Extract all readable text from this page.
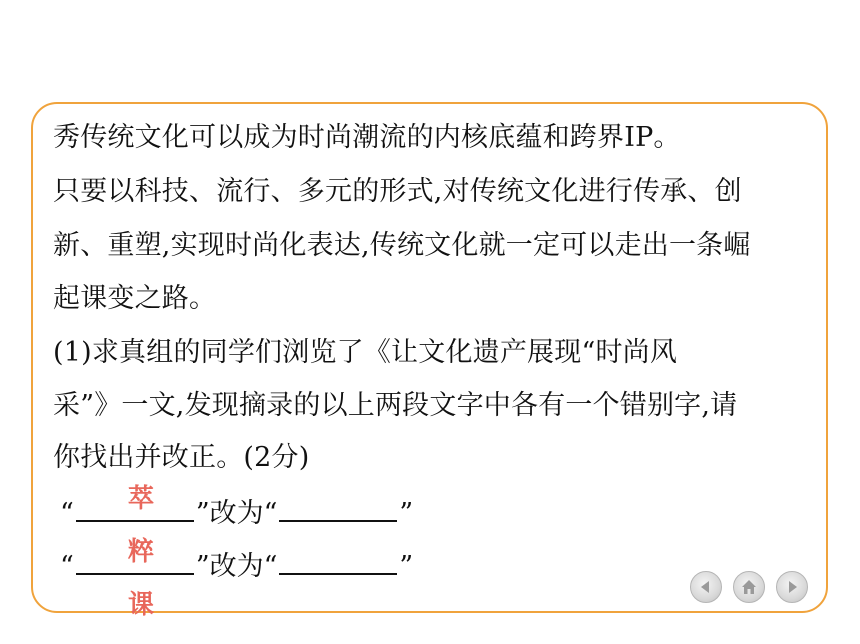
秀传统文化可以成为时尚潮流的内核底蕴和跨界IP。
只要以科技、流行、多元的形式,对传统文化进行传承、创
新、重塑,实现时尚化表达,传统文化就一定可以走出一条崛
起课变之路。
(1)求真组的同学们浏览了《让文化遗产展现“时尚风
采”》一文,发现摘录的以上两段文字中各有一个错别字,请
你找出并改正。(2分)
“	”改为“	”
“	”改为“	”
萃
粹
课
